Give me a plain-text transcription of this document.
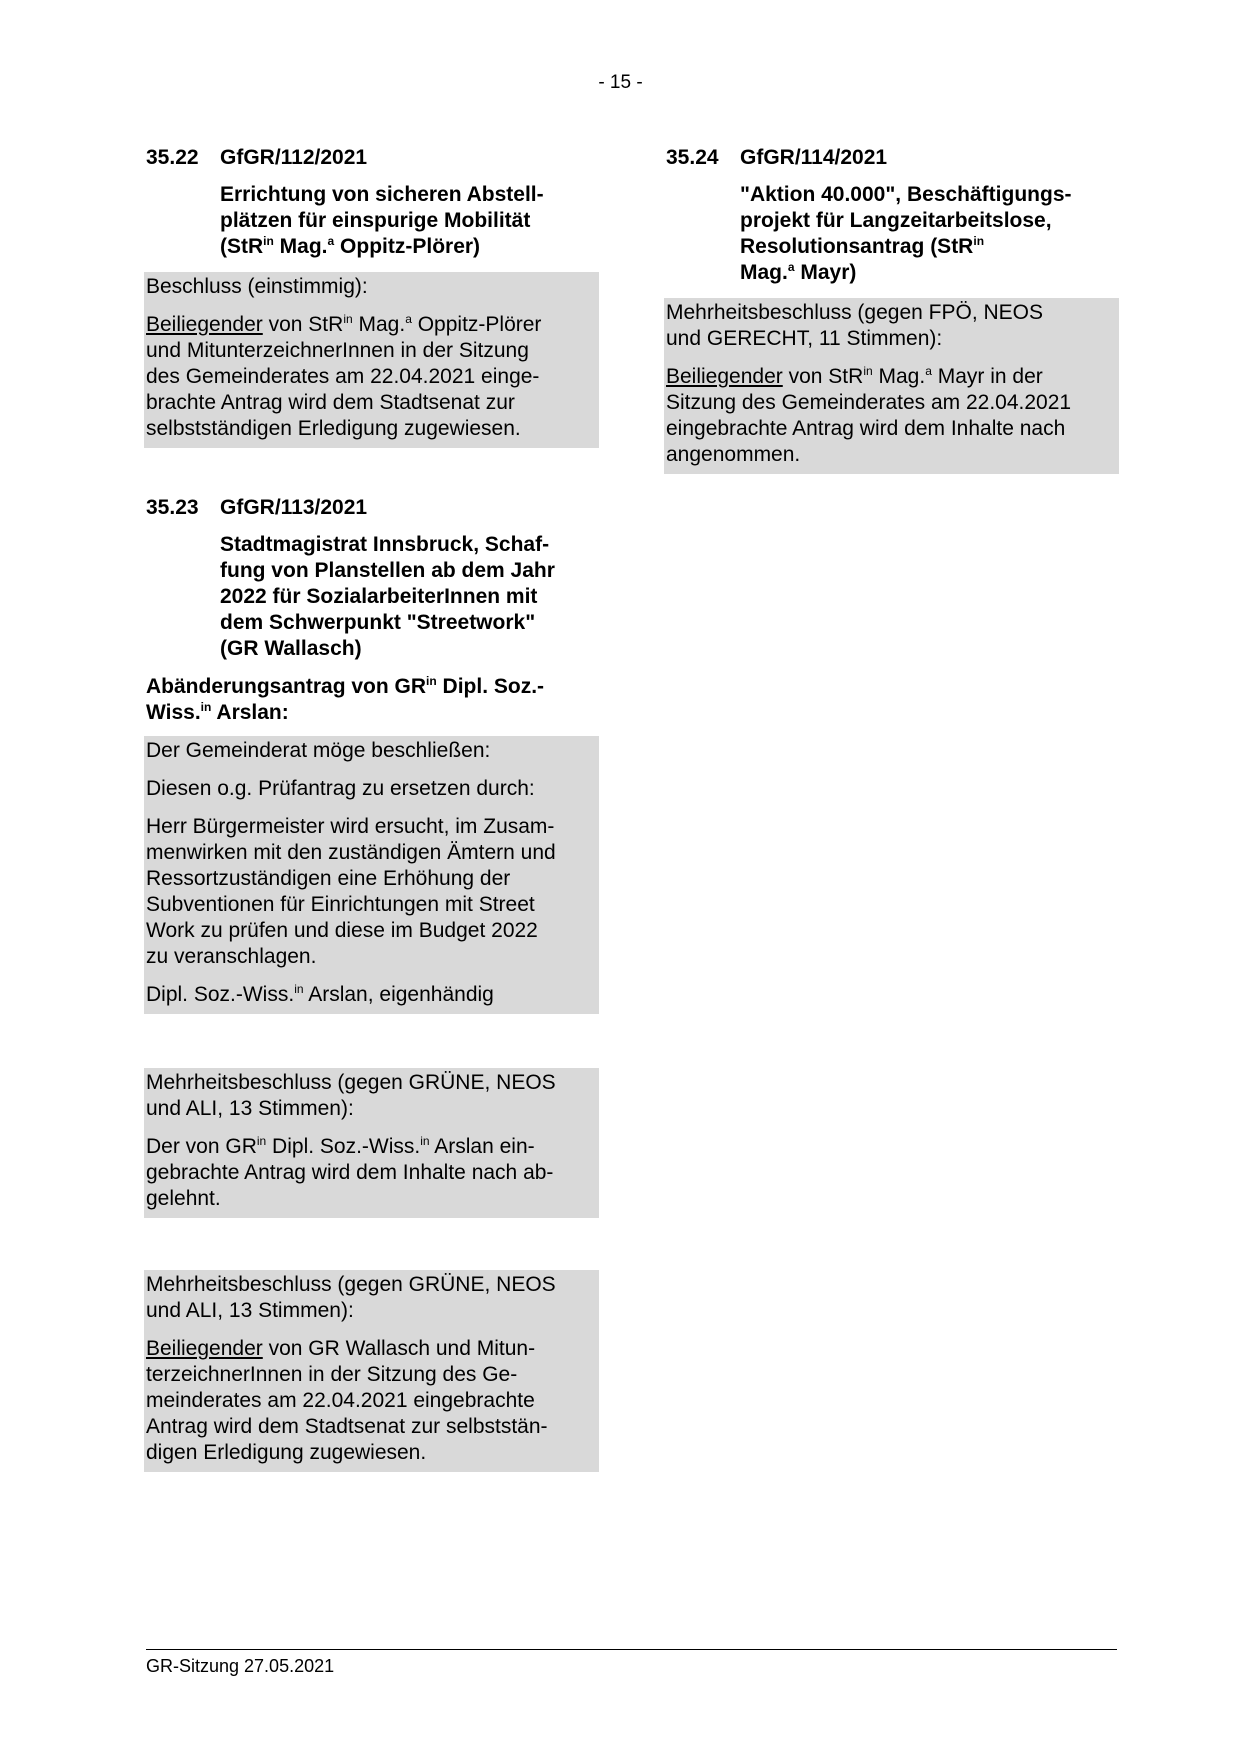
- 15 -
35.22	GfGR/112/2021
Errichtung von sicheren Abstell-
plätzen für einspurige Mobilität
(StR$^{in}$ Mag.$^a$ Oppitz-Plörer)

Beschluss (einstimmig):

Beiliegender von StR$^{in}$ Mag.$^a$ Oppitz-Plörer
und MitunterzeichnerInnen in der Sitzung
des Gemeinderates am 22.04.2021 einge-
brachte Antrag wird dem Stadtsenat zur
selbstständigen Erledigung zugewiesen.

35.23	GfGR/113/2021
Stadtmagistrat Innsbruck, Schaf-
fung von Planstellen ab dem Jahr
2022 für SozialarbeiterInnen mit
dem Schwerpunkt "Streetwork"
(GR Wallasch)
Abänderungsantrag von $GR^{in}$ Dipl. Soz.-
Wiss.$^{in}$ Arslan:

Der Gemeinderat möge beschließen:

Diesen o.g. Prüfantrag zu ersetzen durch:

Herr Bürgermeister wird ersucht, im Zusam-
menwirken mit den zuständigen Ämtern und
Ressortzuständigen eine Erhöhung der
Subventionen für Einrichtungen mit Street
Work zu prüfen und diese im Budget 2022
zu veranschlagen.

Dipl. Soz.-Wiss.$^{in}$ Arslan, eigenhändig

Mehrheitsbeschluss (gegen GRÜNE, NEOS
und ALI, 13 Stimmen):

Der von $GR^{in}$ Dipl. Soz.-Wiss.$^{in}$ Arslan ein-
gebrachte Antrag wird dem Inhalte nach ab-
gelehnt.

Mehrheitsbeschluss (gegen GRÜNE, NEOS
und ALI, 13 Stimmen):

Beiliegender von GR Wallasch und Mitun-
terzeichnerInnen in der Sitzung des Ge-
meinderates am 22.04.2021 eingebrachte
Antrag wird dem Stadtsenat zur selbststän-
digen Erledigung zugewiesen.

35.24	GfGR/114/2021
"Aktion 40.000", Beschäftigungs-
projekt für Langzeitarbeitslose,
Resolutionsantrag (StR$^{in}$
Mag.$^a$ Mayr)

Mehrheitsbeschluss (gegen FPÖ, NEOS
und GERECHT, 11 Stimmen):

Beiliegender von StR$^{in}$ Mag.$^a$ Mayr in der
Sitzung des Gemeinderates am 22.04.2021
eingebrachte Antrag wird dem Inhalte nach
angenommen.

GR-Sitzung 27.05.2021
